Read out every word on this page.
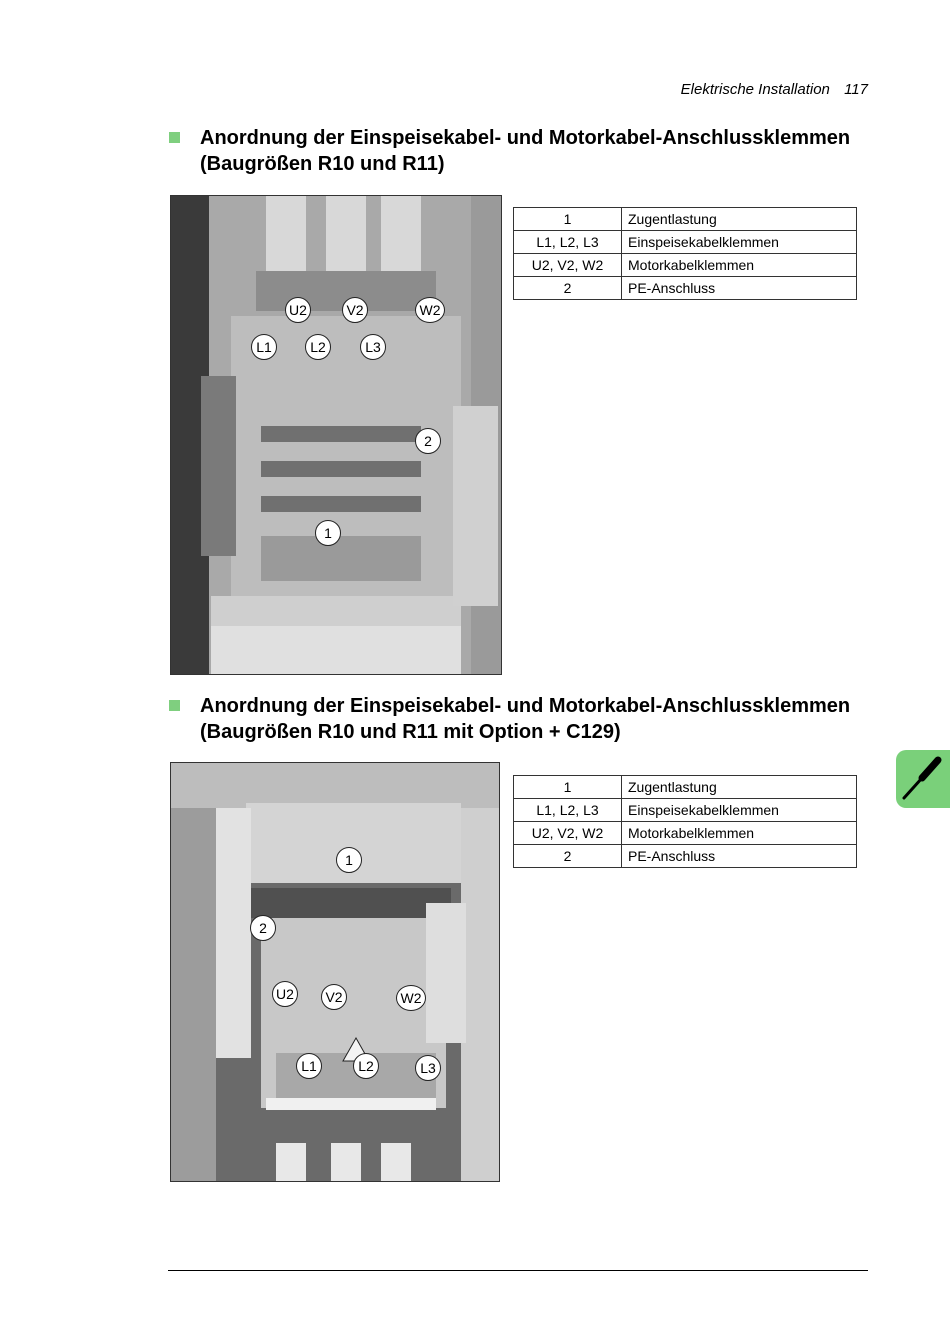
Elektrische Installation 117
Anordnung der Einspeisekabel- und Motorkabel-Anschlussklemmen
(Baugrößen R10 und R11)
U2	V2	W2
L1	L2	L3
2
1
1	Zugentlastung
L1, L2, L3	Einspeisekabelklemmen
U2, V2, W2	Motorkabelklemmen
2	PE-Anschluss
Anordnung der Einspeisekabel- und Motorkabel-Anschlussklemmen
(Baugrößen R10 und R11 mit Option + C129)
1
2
U2	V2	W2
L1	L2	L3
1	Zugentlastung
L1, L2, L3	Einspeisekabelklemmen
U2, V2, W2	Motorkabelklemmen
2	PE-Anschluss
